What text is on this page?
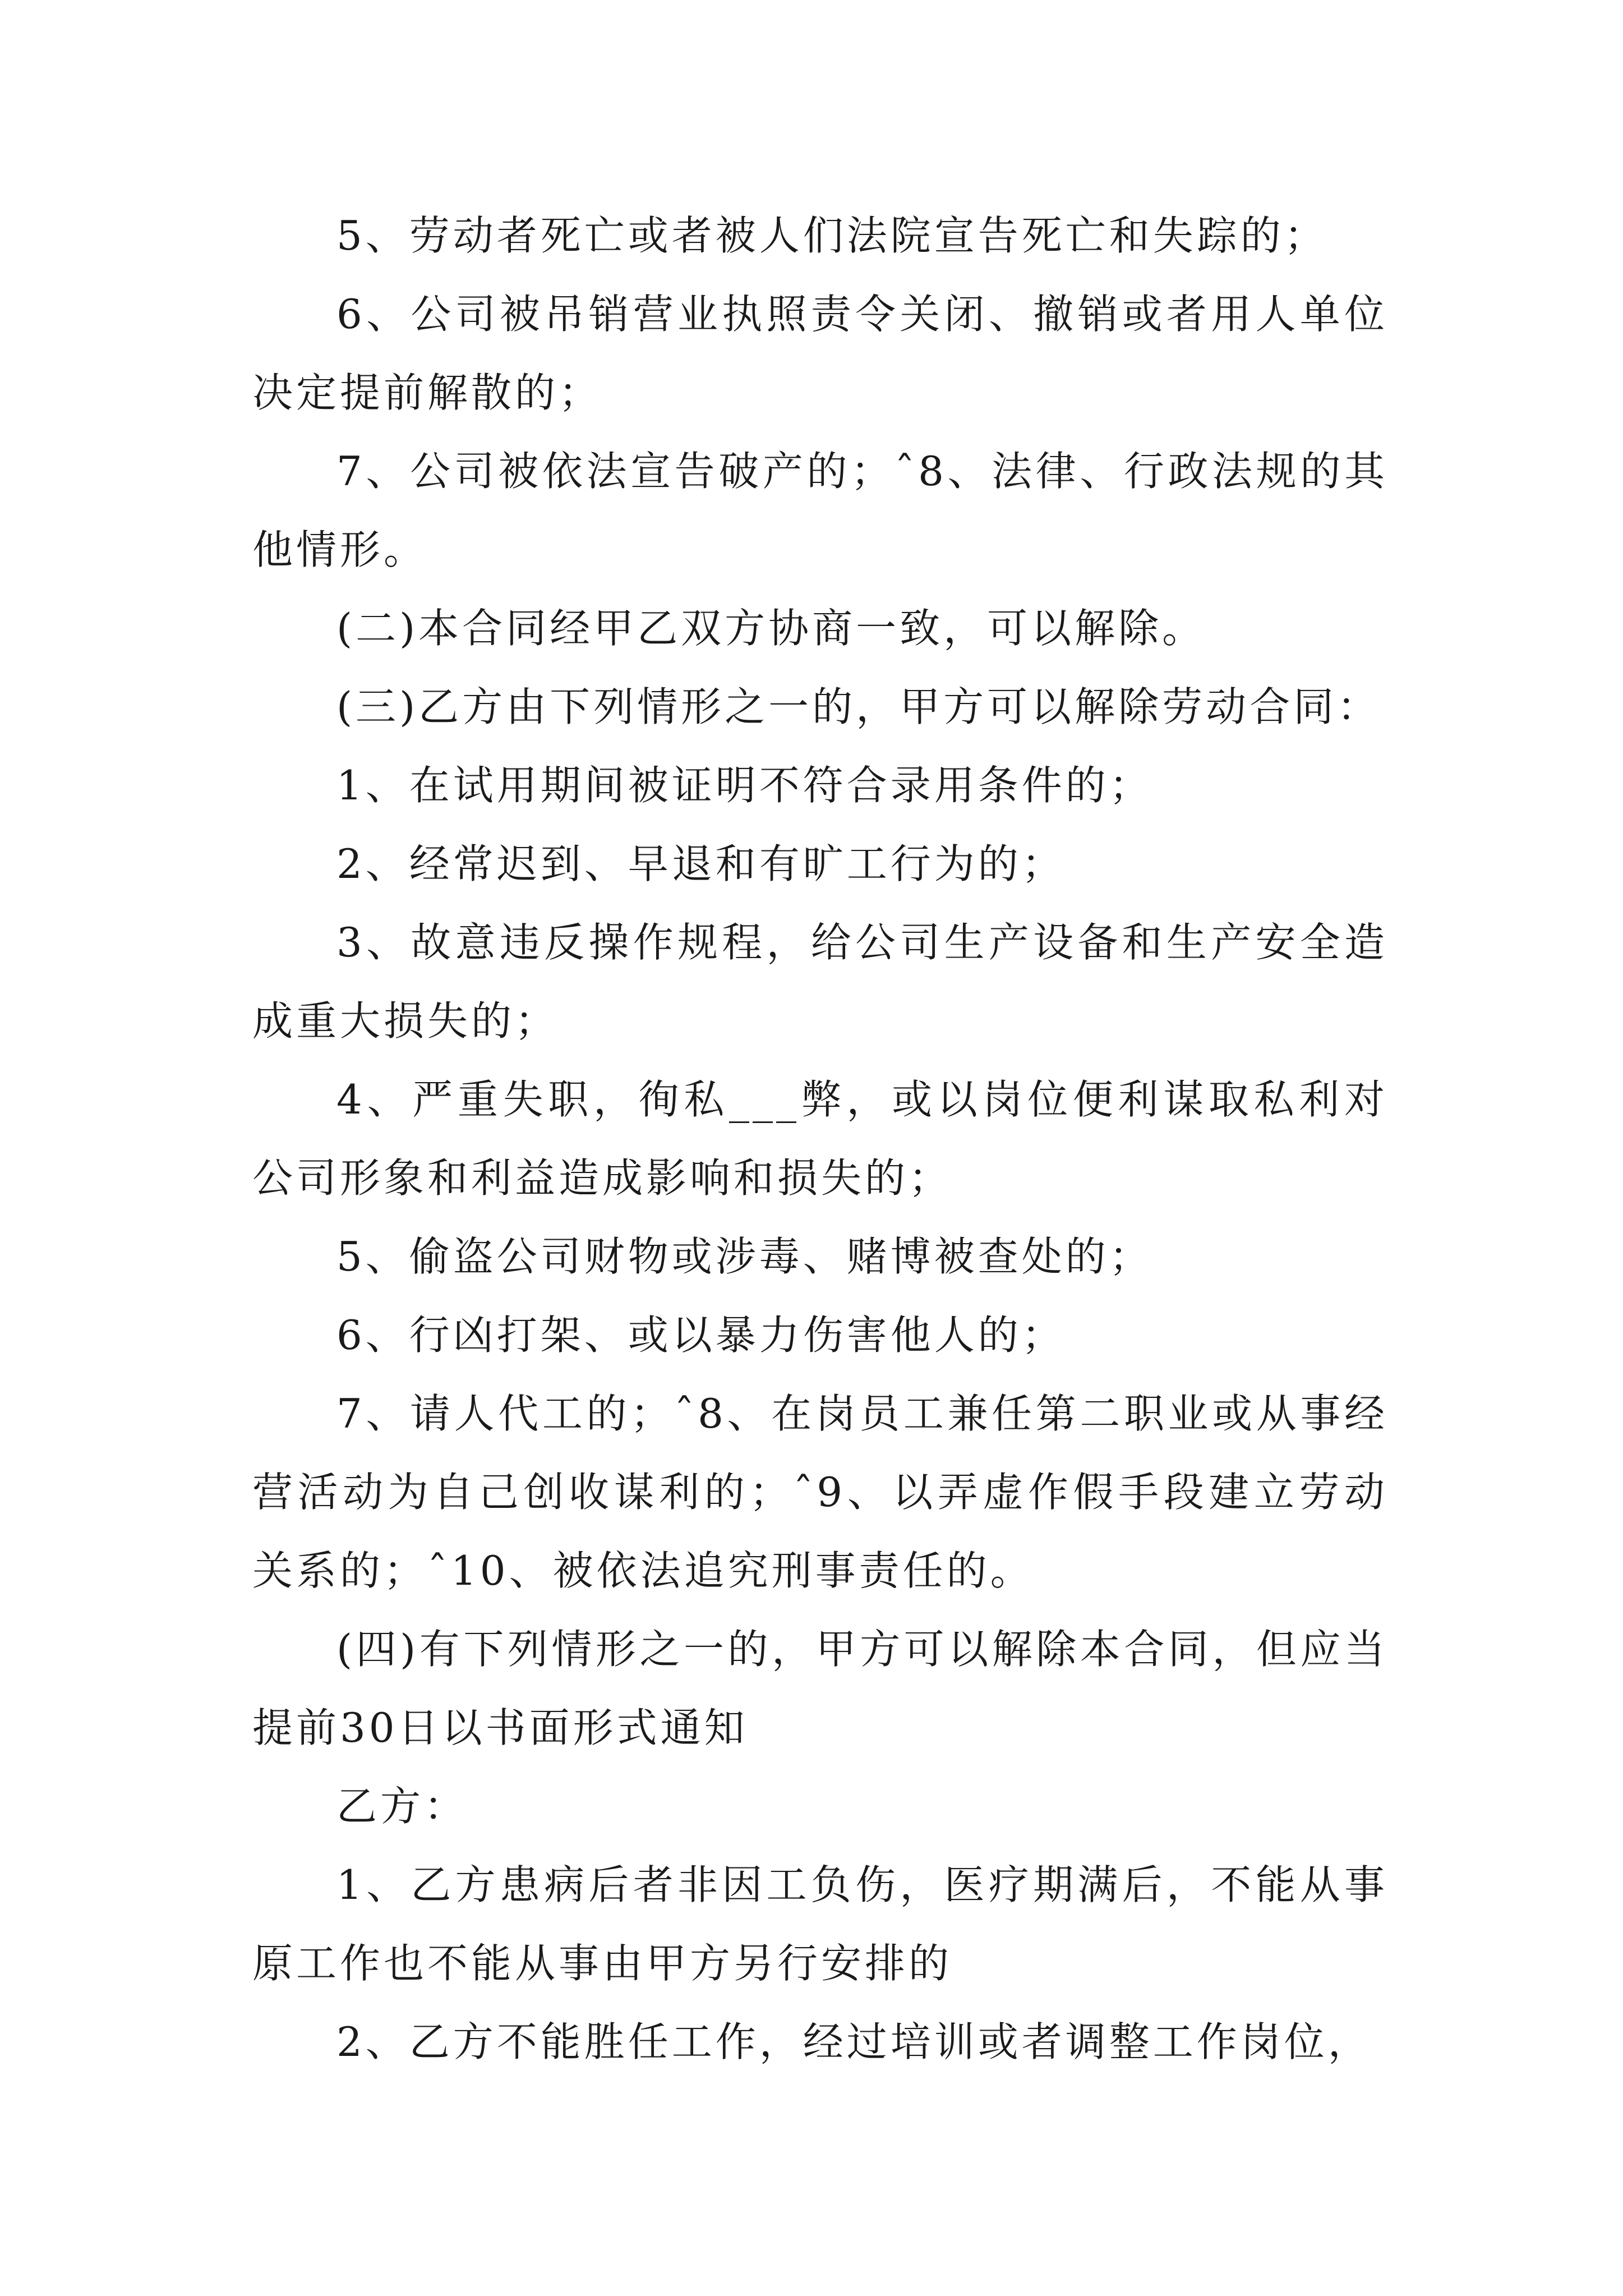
5、劳动者死亡或者被人们法院宣告死亡和失踪的；

6、公司被吊销营业执照责令关闭、撤销或者用人单位决定提前解散的；

7、公司被依法宣告破产的；ˆ8、法律、行政法规的其他情形。

(二)本合同经甲乙双方协商一致，可以解除。

(三)乙方由下列情形之一的，甲方可以解除劳动合同：

1、在试用期间被证明不符合录用条件的；

2、经常迟到、早退和有旷工行为的；

3、故意违反操作规程，给公司生产设备和生产安全造成重大损失的；

4、严重失职，徇私___弊，或以岗位便利谋取私利对公司形象和利益造成影响和损失的；

5、偷盗公司财物或涉毒、赌博被查处的；

6、行凶打架、或以暴力伤害他人的；

7、请人代工的；ˆ8、在岗员工兼任第二职业或从事经营活动为自己创收谋利的；ˆ9、以弄虚作假手段建立劳动关系的；ˆ10、被依法追究刑事责任的。

(四)有下列情形之一的，甲方可以解除本合同，但应当提前30日以书面形式通知

乙方：

1、乙方患病后者非因工负伤，医疗期满后，不能从事原工作也不能从事由甲方另行安排的

2、乙方不能胜任工作，经过培训或者调整工作岗位，
